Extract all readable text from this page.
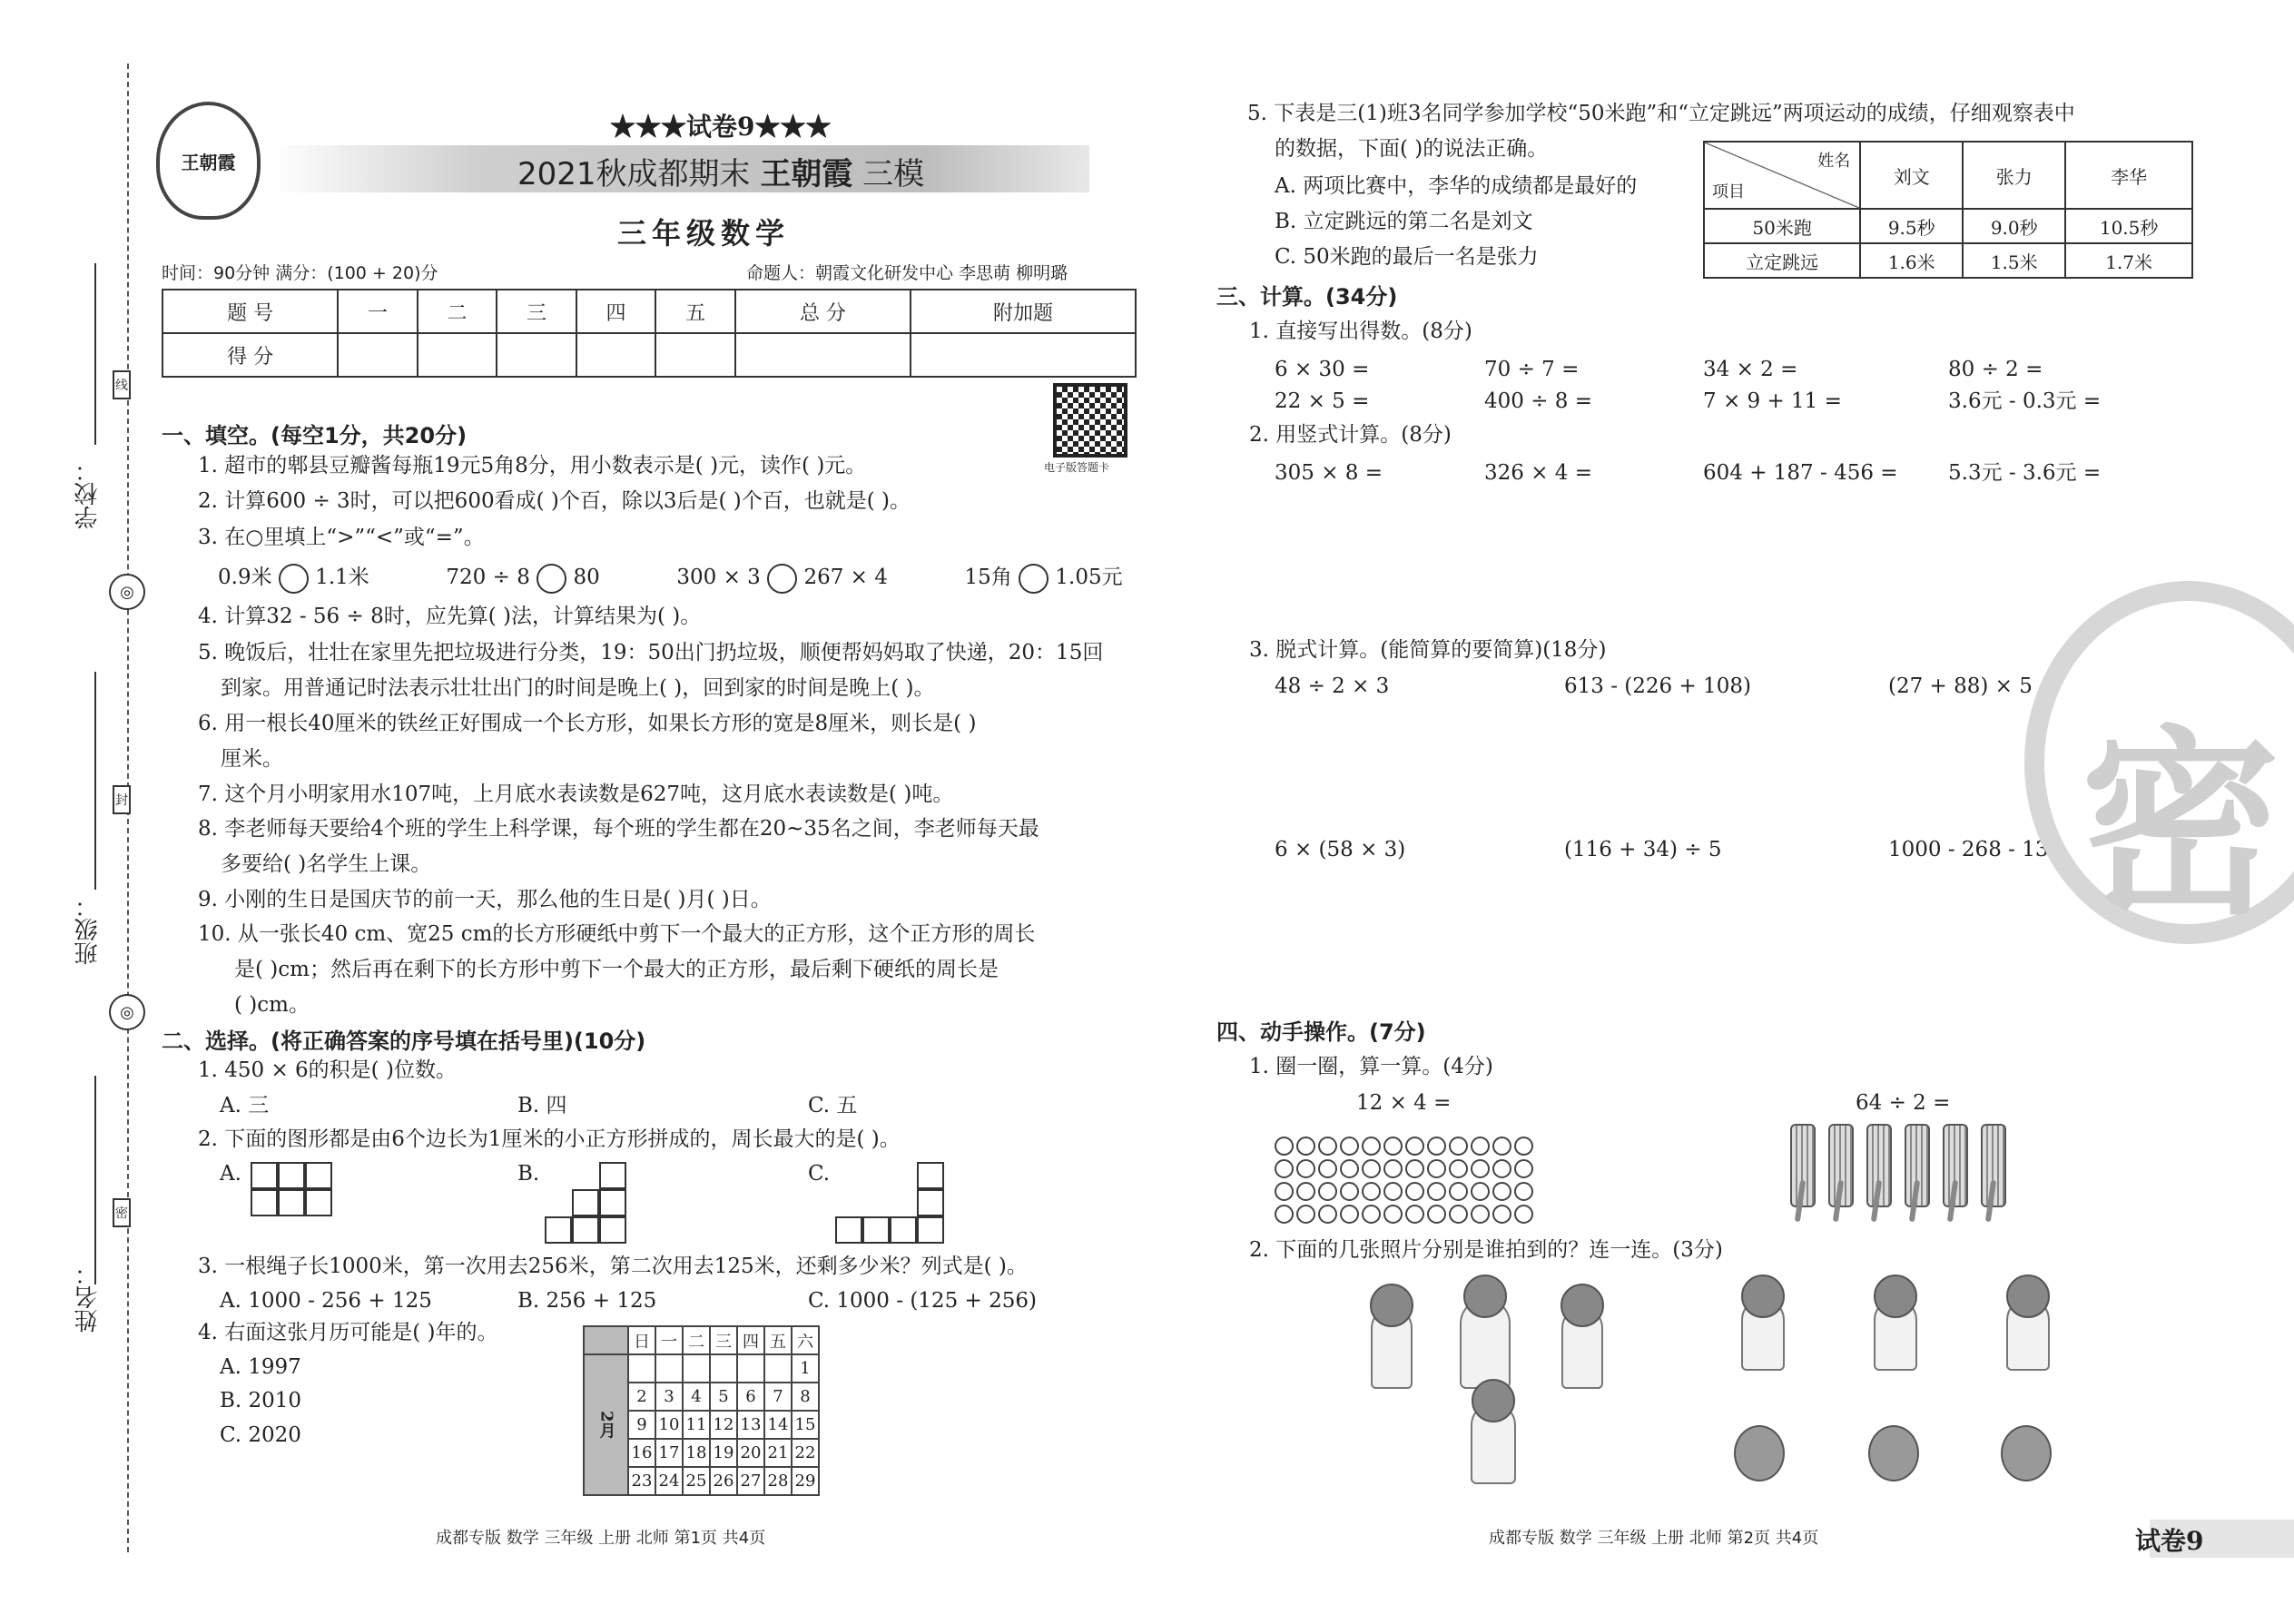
学校：
班级：
姓名：
线
◎
封
◎
密
王朝霞
★★★试卷9★★★
2021秋成都期末 王朝霞 三模
三年级数学
时间：90分钟 满分：(100 + 20)分	命题人：朝霞文化研发中心 李思萌 柳明璐
题 号	一	二	三	四	五	总 分	附加题
得 分							
电子版答题卡
一、填空。(每空1分，共20分)
1. 超市的郫县豆瓣酱每瓶19元5角8分，用小数表示是( )元，读作( )元。
2. 计算600 ÷ 3时，可以把600看成( )个百，除以3后是( )个百，也就是( )。
3. 在○里填上“>”“<”或“=”。
0.9米 1.1米	720 ÷ 8 80	300 × 3 267 × 4	15角 1.05元
4. 计算32 - 56 ÷ 8时，应先算( )法，计算结果为( )。
5. 晚饭后，壮壮在家里先把垃圾进行分类，19：50出门扔垃圾，顺便帮妈妈取了快递，20：15回
到家。用普通记时法表示壮壮出门的时间是晚上( )，回到家的时间是晚上( )。
6. 用一根长40厘米的铁丝正好围成一个长方形，如果长方形的宽是8厘米，则长是( )
厘米。
7. 这个月小明家用水107吨，上月底水表读数是627吨，这月底水表读数是( )吨。
8. 李老师每天要给4个班的学生上科学课，每个班的学生都在20~35名之间，李老师每天最
多要给( )名学生上课。
9. 小刚的生日是国庆节的前一天，那么他的生日是( )月( )日。
10. 从一张长40 cm、宽25 cm的长方形硬纸中剪下一个最大的正方形，这个正方形的周长
是( )cm；然后再在剩下的长方形中剪下一个最大的正方形，最后剩下硬纸的周长是
( )cm。
二、选择。(将正确答案的序号填在括号里)(10分)
1. 450 × 6的积是( )位数。
A. 三	B. 四	C. 五
2. 下面的图形都是由6个边长为1厘米的小正方形拼成的，周长最大的是( )。
A.	B.	C.
3. 一根绳子长1000米，第一次用去256米，第二次用去125米，还剩多少米？列式是( )。
A. 1000 - 256 + 125	B. 256 + 125	C. 1000 - (125 + 256)
4. 右面这张月历可能是( )年的。
A. 1997
B. 2010
C. 2020
	日	一	二	三	四	五	六
2月							1
	2	3	4	5	6	7	8
	9	10	11	12	13	14	15
	16	17	18	19	20	21	22
	23	24	25	26	27	28	29
成都专版 数学 三年级 上册 北师 第1页 共4页
5. 下表是三(1)班3名同学参加学校“50米跑”和“立定跳远”两项运动的成绩，仔细观察表中
的数据，下面( )的说法正确。
A. 两项比赛中，李华的成绩都是最好的
B. 立定跳远的第二名是刘文
C. 50米跑的最后一名是张力
姓名
项目	刘文	张力	李华
50米跑	9.5秒	9.0秒	10.5秒
立定跳远	1.6米	1.5米	1.7米
三、计算。(34分)
1. 直接写出得数。(8分)
6 × 30 =	70 ÷ 7 =	34 × 2 =	80 ÷ 2 =
22 × 5 =	400 ÷ 8 =	7 × 9 + 11 =	3.6元 - 0.3元 =
2. 用竖式计算。(8分)
305 × 8 =	326 × 4 =	604 + 187 - 456 = 5.3元 - 3.6元 =
3. 脱式计算。(能简算的要简算)(18分)
48 ÷ 2 × 3	613 - (226 + 108)	(27 + 88) × 5
6 × (58 × 3)	(116 + 34) ÷ 5	1000 - 268 - 132 密
四、动手操作。(7分)
1. 圈一圈，算一算。(4分)
12 × 4 =	64 ÷ 2 =
2. 下面的几张照片分别是谁拍到的？连一连。(3分)
成都专版 数学 三年级 上册 北师 第2页 共4页	试卷9
